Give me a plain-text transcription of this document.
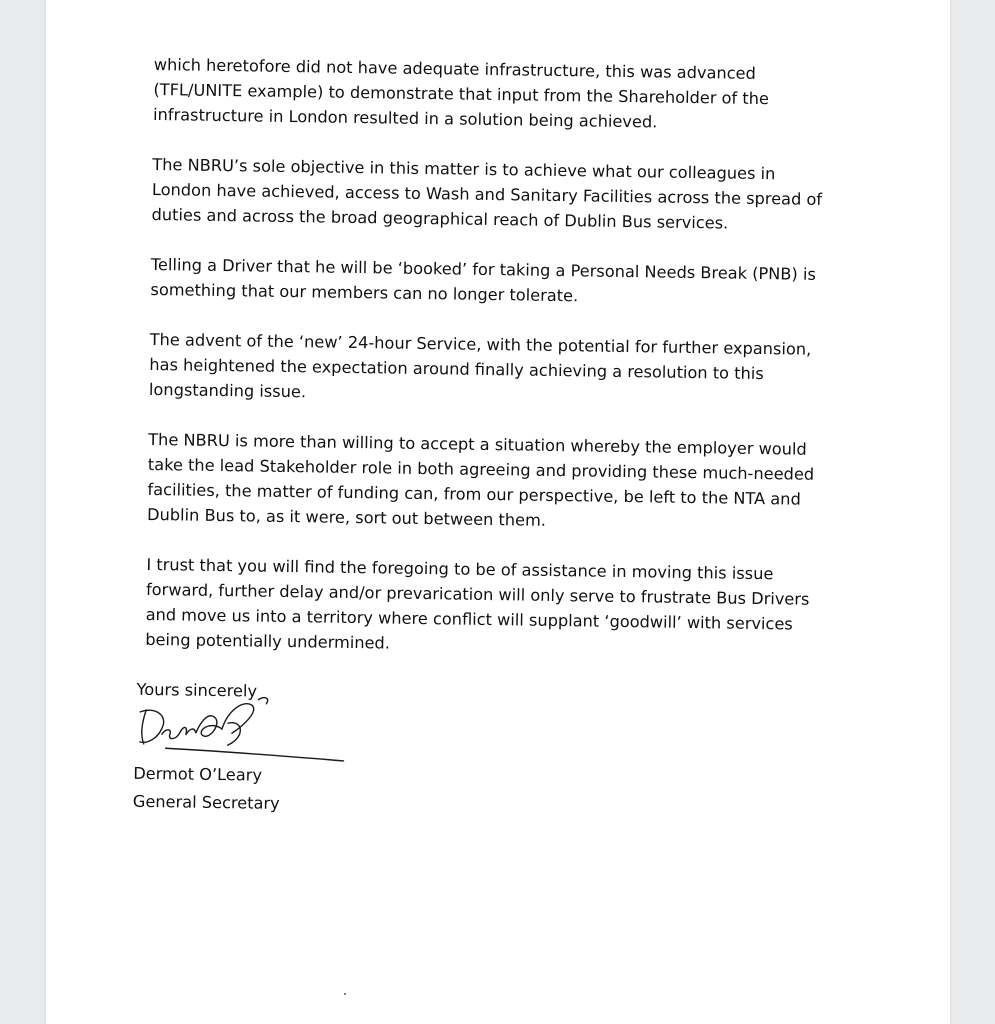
which heretofore did not have adequate infrastructure, this was advanced
(TFL/UNITE example) to demonstrate that input from the Shareholder of the
infrastructure in London resulted in a solution being achieved.

The NBRU’s sole objective in this matter is to achieve what our colleagues in
London have achieved, access to Wash and Sanitary Facilities across the spread of
duties and across the broad geographical reach of Dublin Bus services.

Telling a Driver that he will be ‘booked’ for taking a Personal Needs Break (PNB) is
something that our members can no longer tolerate.

The advent of the ‘new’ 24-hour Service, with the potential for further expansion,
has heightened the expectation around finally achieving a resolution to this
longstanding issue.

The NBRU is more than willing to accept a situation whereby the employer would
take the lead Stakeholder role in both agreeing and providing these much-needed
facilities, the matter of funding can, from our perspective, be left to the NTA and
Dublin Bus to, as it were, sort out between them.

I trust that you will find the foregoing to be of assistance in moving this issue
forward, further delay and/or prevarication will only serve to frustrate Bus Drivers
and move us into a territory where conflict will supplant ‘goodwill’ with services
being potentially undermined.

Yours sincerely
Dermot O’Leary
General Secretary
